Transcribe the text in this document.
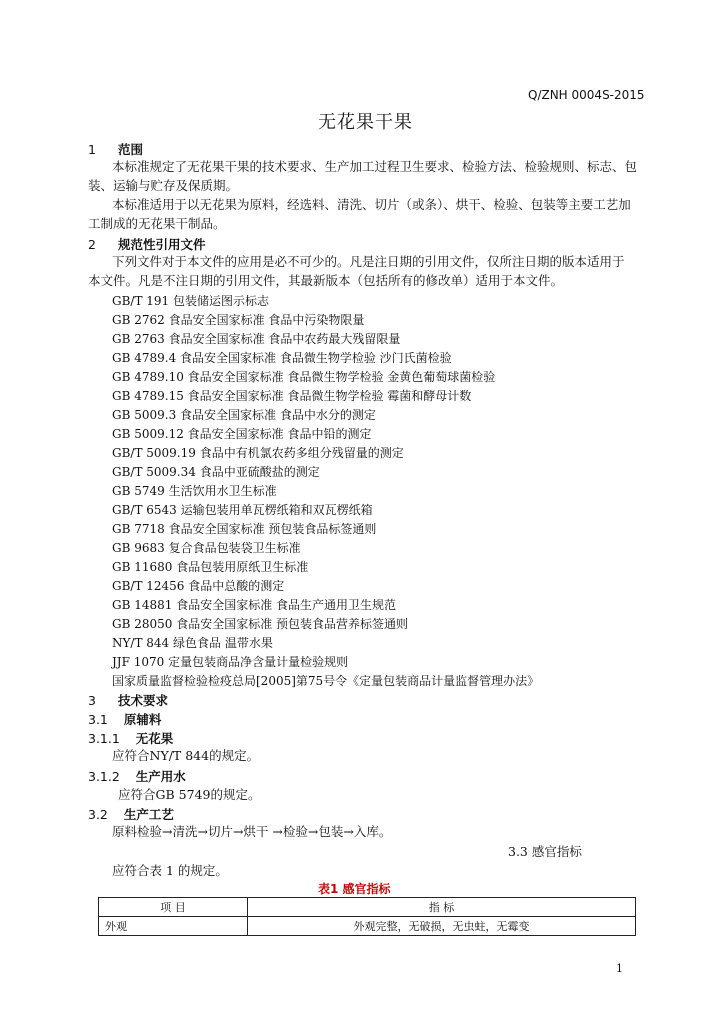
Q/ZNH 0004S-2015
无花果干果
1 范围
本标准规定了无花果干果的技术要求、生产加工过程卫生要求、检验方法、检验规则、标志、包
装、运输与贮存及保质期。
本标准适用于以无花果为原料，经选料、清洗、切片（或条）、烘干、检验、包装等主要工艺加
工制成的无花果干制品。
2 规范性引用文件
下列文件对于本文件的应用是必不可少的。凡是注日期的引用文件，仅所注日期的版本适用于
本文件。凡是不注日期的引用文件，其最新版本（包括所有的修改单）适用于本文件。
GB/T 191 包装储运图示标志
GB 2762 食品安全国家标准 食品中污染物限量
GB 2763 食品安全国家标准 食品中农药最大残留限量
GB 4789.4 食品安全国家标准 食品微生物学检验 沙门氏菌检验
GB 4789.10 食品安全国家标准 食品微生物学检验 金黄色葡萄球菌检验
GB 4789.15 食品安全国家标准 食品微生物学检验 霉菌和酵母计数
GB 5009.3 食品安全国家标准 食品中水分的测定
GB 5009.12 食品安全国家标准 食品中铅的测定
GB/T 5009.19 食品中有机氯农药多组分残留量的测定
GB/T 5009.34 食品中亚硫酸盐的测定
GB 5749 生活饮用水卫生标准
GB/T 6543 运输包装用单瓦楞纸箱和双瓦楞纸箱
GB 7718 食品安全国家标准 预包装食品标签通则
GB 9683 复合食品包装袋卫生标准
GB 11680 食品包装用原纸卫生标准
GB/T 12456 食品中总酸的测定
GB 14881 食品安全国家标准 食品生产通用卫生规范
GB 28050 食品安全国家标准 预包装食品营养标签通则
NY/T 844 绿色食品 温带水果
JJF 1070 定量包装商品净含量计量检验规则
国家质量监督检验检疫总局[2005]第75号令《定量包装商品计量监督管理办法》
3 技术要求
3.1 原辅料
3.1.1 无花果
应符合NY/T 844的规定。
3.1.2 生产用水
应符合GB 5749的规定。
3.2 生产工艺
原料检验→清洗→切片→烘干 →检验→包装→入库。
3.3 感官指标
应符合表 1 的规定。
表1 感官指标
项 目	指 标
外观	外观完整，无破损，无虫蛀，无霉变
1
